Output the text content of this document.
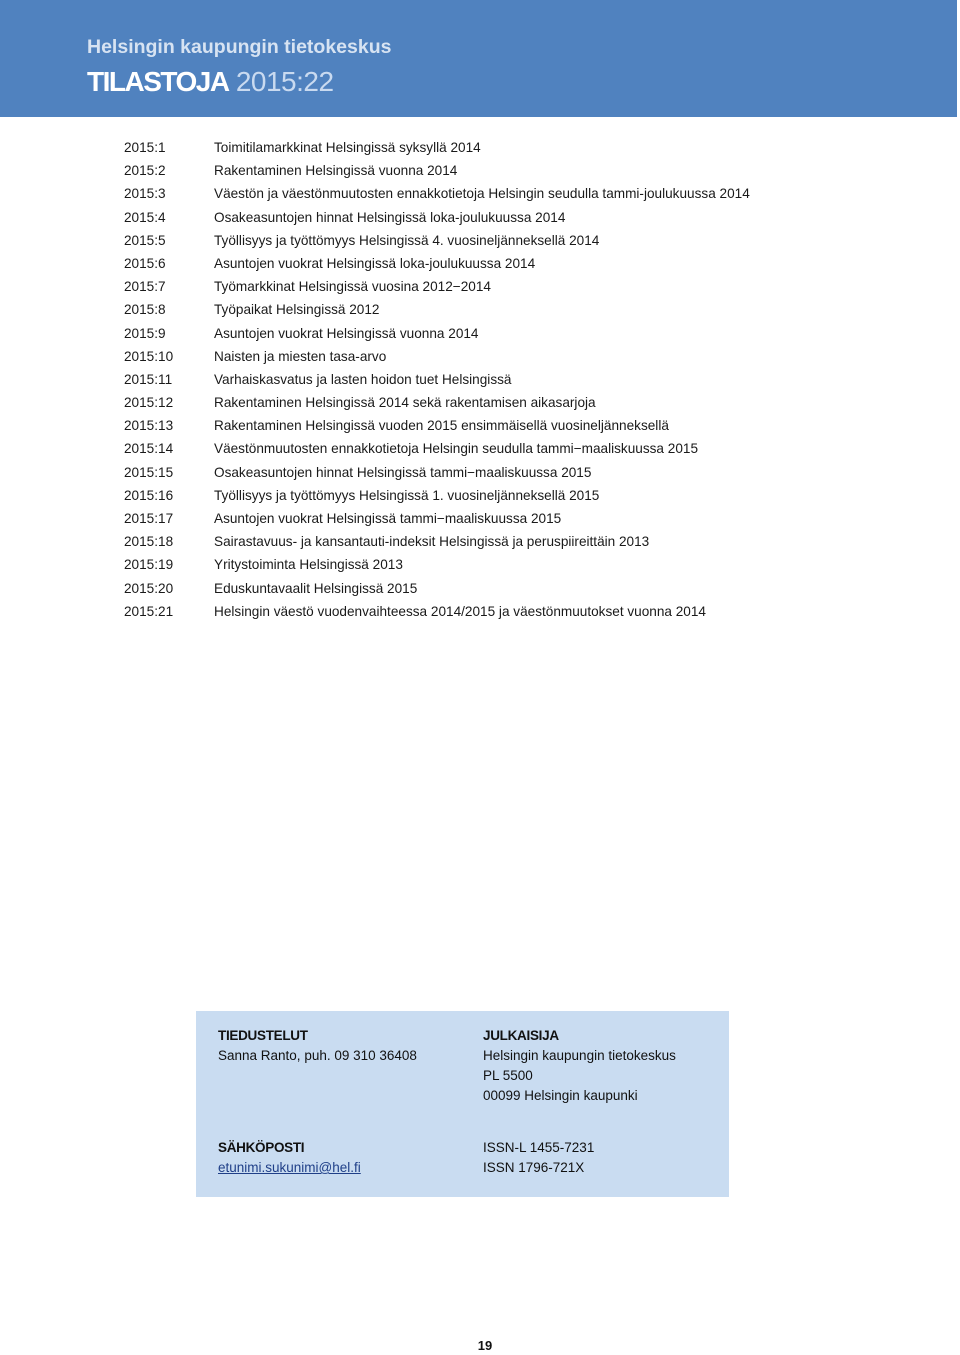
Helsingin kaupungin tietokeskus
TILASTOJA 2015:22
2015:1	Toimitilamarkkinat Helsingissä syksyllä 2014
2015:2	Rakentaminen Helsingissä vuonna 2014
2015:3	Väestön ja väestönmuutosten ennakkotietoja Helsingin seudulla tammi-joulukuussa 2014
2015:4	Osakeasuntojen hinnat Helsingissä loka-joulukuussa 2014
2015:5	Työllisyys ja työttömyys Helsingissä 4. vuosineljänneksellä 2014
2015:6	Asuntojen vuokrat Helsingissä loka-joulukuussa 2014
2015:7	Työmarkkinat Helsingissä vuosina 2012−2014
2015:8	Työpaikat Helsingissä 2012
2015:9	Asuntojen vuokrat Helsingissä vuonna 2014
2015:10	Naisten ja miesten tasa-arvo
2015:11	Varhaiskasvatus ja lasten hoidon tuet Helsingissä
2015:12	Rakentaminen Helsingissä 2014 sekä rakentamisen aikasarjoja
2015:13	Rakentaminen Helsingissä vuoden 2015 ensimmäisellä vuosineljänneksellä
2015:14	Väestönmuutosten ennakkotietoja Helsingin seudulla tammi−maaliskuussa 2015
2015:15	Osakeasuntojen hinnat Helsingissä tammi−maaliskuussa 2015
2015:16	Työllisyys ja työttömyys Helsingissä 1. vuosineljänneksellä 2015
2015:17	Asuntojen vuokrat Helsingissä tammi−maaliskuussa 2015
2015:18	Sairastavuus- ja kansantauti-indeksit Helsingissä ja peruspiireittäin 2013
2015:19	Yritystoiminta Helsingissä 2013
2015:20	Eduskuntavaalit Helsingissä 2015
2015:21	Helsingin väestö vuodenvaihteessa 2014/2015 ja väestönmuutokset vuonna 2014
TIEDUSTELUT
Sanna Ranto, puh. 09 310 36408
JULKAISIJA
Helsingin kaupungin tietokeskus
PL 5500
00099 Helsingin kaupunki
SÄHKÖPOSTI
etunimi.sukunimi@hel.fi
ISSN-L 1455-7231
ISSN 1796-721X
19
